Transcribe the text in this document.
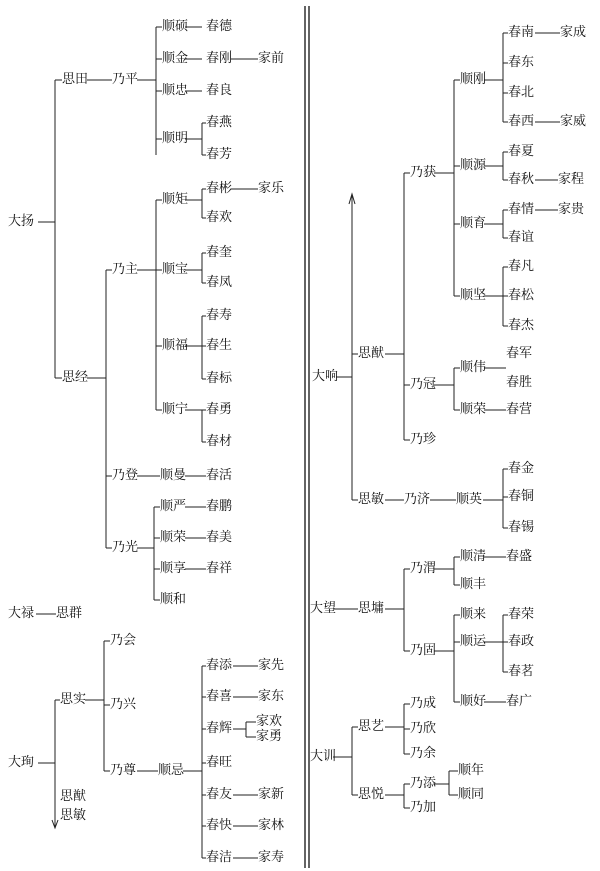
大扬
思田 乃平
顺硕 春德
顺金 春刚 家前
顺忠 春良
顺明
春燕
春芳
思经
乃主
顺矩
春彬 家乐
春欢
顺宝
春奎
春凤
顺福
春寿
春生
春标
顺宁 春勇
春材
乃登 顺曼 春活
乃光
顺严 春鹏
顺荣 春美
顺享 春祥
顺和
大禄 思群
大珣
思实
乃会
乃兴
乃尊 顺忌
春添 家先
春喜 家东
春辉 家欢
家勇
春旺
春友 家新
春快 家林
春洁 家寿
思猷
思敏
大响
思猷
乃获
顺刚
春南 家成
春东
春北
春西 家威
顺源
春夏
春秋 家程
顺育
春情 家贵
春谊
顺坚
春凡
春松
春杰
乃冠
顺伟
春军
春胜
顺荣 春营
乃珍
思敏 乃济 顺英
春金
春铜
春锡
大望 思墉
乃渭
顺清 春盛
顺丰
乃固
顺来
顺运
春荣
春政
春茗
顺好 春广
大训
思艺
乃成
乃欣
乃余
思悦
乃添
乃加
顺年
顺同
